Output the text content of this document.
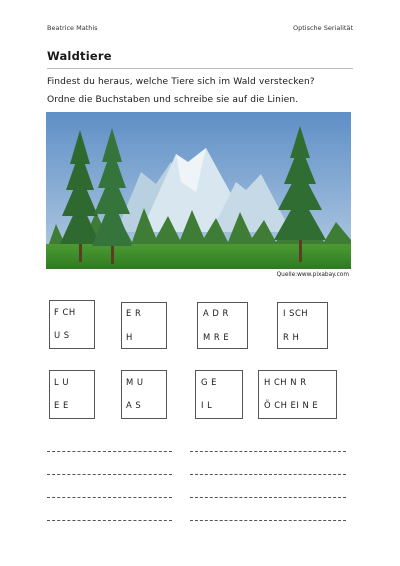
Beatrice Mathis	Optische Serialität
Waldtiere
Findest du heraus, welche Tiere sich im Wald verstecken?
Ordne die Buchstaben und schreibe sie auf die Linien.
Quelle:www.pixabay.com
F CH
U S
E R
H
A D R
M R E
I SCH
R H
L U
E E
M U
A S
G E
I L
H CH N R
Ö CH EI N E
